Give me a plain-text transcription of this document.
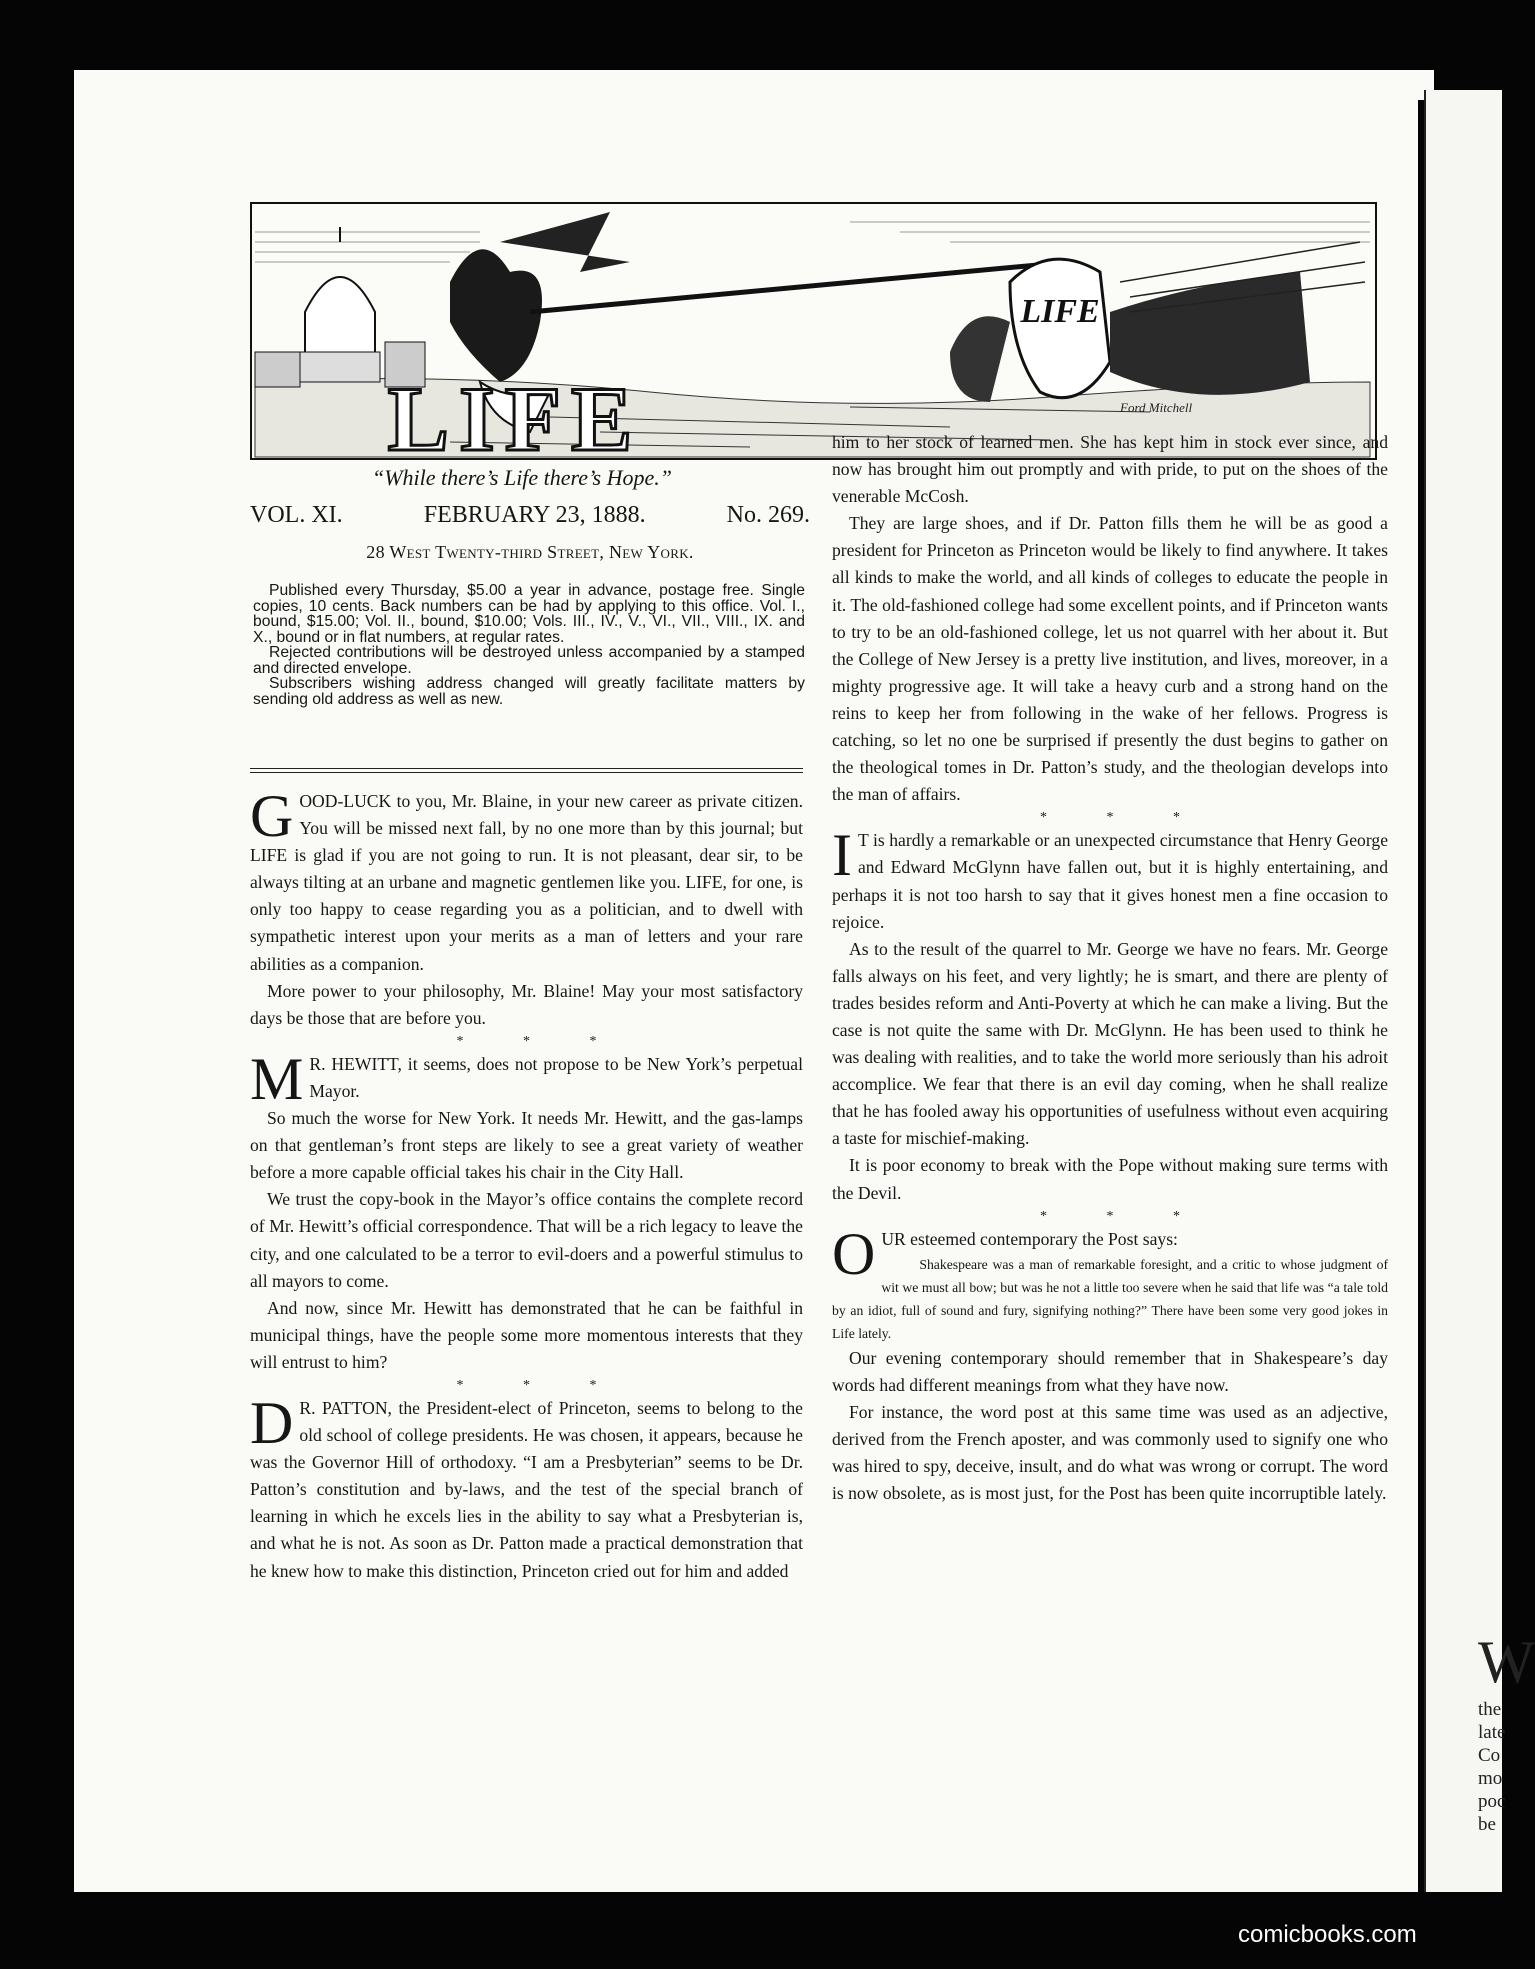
W
the
late
Co
mo
poc
be
LIFE
LIFE	Ford Mitchell
“While there’s Life there’s Hope.”
VOL. XI.	FEBRUARY 23, 1888.	No. 269.
28 West Twenty-third Street, New York.

Published every Thursday, $5.00 a year in advance, postage free. Single copies, 10 cents. Back numbers can be had by applying to this office. Vol. I., bound, $15.00; Vol. II., bound, $10.00; Vols. III., IV., V., VI., VII., VIII., IX. and X., bound or in flat numbers, at regular rates.

Rejected contributions will be destroyed unless accompanied by a stamped and directed envelope.

Subscribers wishing address changed will greatly facilitate matters by sending old address as well as new.

GOOD-LUCK to you, Mr. Blaine, in your new career as private citizen. You will be missed next fall, by no one more than by this journal; but LIFE is glad if you are not going to run. It is not pleasant, dear sir, to be always tilting at an urbane and magnetic gentlemen like you. LIFE, for one, is only too happy to cease regarding you as a politician, and to dwell with sympathetic interest upon your merits as a man of letters and your rare abilities as a companion.

More power to your philosophy, Mr. Blaine! May your most satisfactory days be those that are before you.

* * *

M R. HEWITT, it seems, does not propose to be New York’s perpetual Mayor.

So much the worse for New York. It needs Mr. Hewitt, and the gas-lamps on that gentleman’s front steps are likely to see a great variety of weather before a more capable official takes his chair in the City Hall.

We trust the copy-book in the Mayor’s office contains the complete record of Mr. Hewitt’s official correspondence. That will be a rich legacy to leave the city, and one calculated to be a terror to evil-doers and a powerful stimulus to all mayors to come.

And now, since Mr. Hewitt has demonstrated that he can be faithful in municipal things, have the people some more momentous interests that they will entrust to him?

* * *

D R. PATTON, the President-elect of Princeton, seems to belong to the old school of college presidents. He was chosen, it appears, because he was the Governor Hill of orthodoxy. “I am a Presbyterian” seems to be Dr. Patton’s constitution and by-laws, and the test of the special branch of learning in which he excels lies in the ability to say what a Presbyterian is, and what he is not. As soon as Dr. Patton made a practical demonstration that he knew how to make this distinction, Princeton cried out for him and added

him to her stock of learned men. She has kept him in stock ever since, and now has brought him out promptly and with pride, to put on the shoes of the venerable McCosh.

They are large shoes, and if Dr. Patton fills them he will be as good a president for Princeton as Princeton would be likely to find anywhere. It takes all kinds to make the world, and all kinds of colleges to educate the people in it. The old-fashioned college had some excellent points, and if Princeton wants to try to be an old-fashioned college, let us not quarrel with her about it. But the College of New Jersey is a pretty live institution, and lives, moreover, in a mighty progressive age. It will take a heavy curb and a strong hand on the reins to keep her from following in the wake of her fellows. Progress is catching, so let no one be surprised if presently the dust begins to gather on the theological tomes in Dr. Patton’s study, and the theologian develops into the man of affairs.

* * *

I T is hardly a remarkable or an unexpected circumstance that Henry George and Edward McGlynn have fallen out, but it is highly entertaining, and perhaps it is not too harsh to say that it gives honest men a fine occasion to rejoice.

As to the result of the quarrel to Mr. George we have no fears. Mr. George falls always on his feet, and very lightly; he is smart, and there are plenty of trades besides reform and Anti-Poverty at which he can make a living. But the case is not quite the same with Dr. McGlynn. He has been used to think he was dealing with realities, and to take the world more seriously than his adroit accomplice. We fear that there is an evil day coming, when he shall realize that he has fooled away his opportunities of usefulness without even acquiring a taste for mischief-making.

It is poor economy to break with the Pope without making sure terms with the Devil.

* * *

OUR esteemed contemporary the Post says:

Shakespeare was a man of remarkable foresight, and a critic to whose judgment of wit we must all bow; but was he not a little too severe when he said that life was “a tale told by an idiot, full of sound and fury, signifying nothing?” There have been some very good jokes in Life lately.

Our evening contemporary should remember that in Shakespeare’s day words had different meanings from what they have now.

For instance, the word post at this same time was used as an adjective, derived from the French aposter, and was commonly used to signify one who was hired to spy, deceive, insult, and do what was wrong or corrupt. The word is now obsolete, as is most just, for the Post has been quite incorruptible lately.

comicbooks.com
